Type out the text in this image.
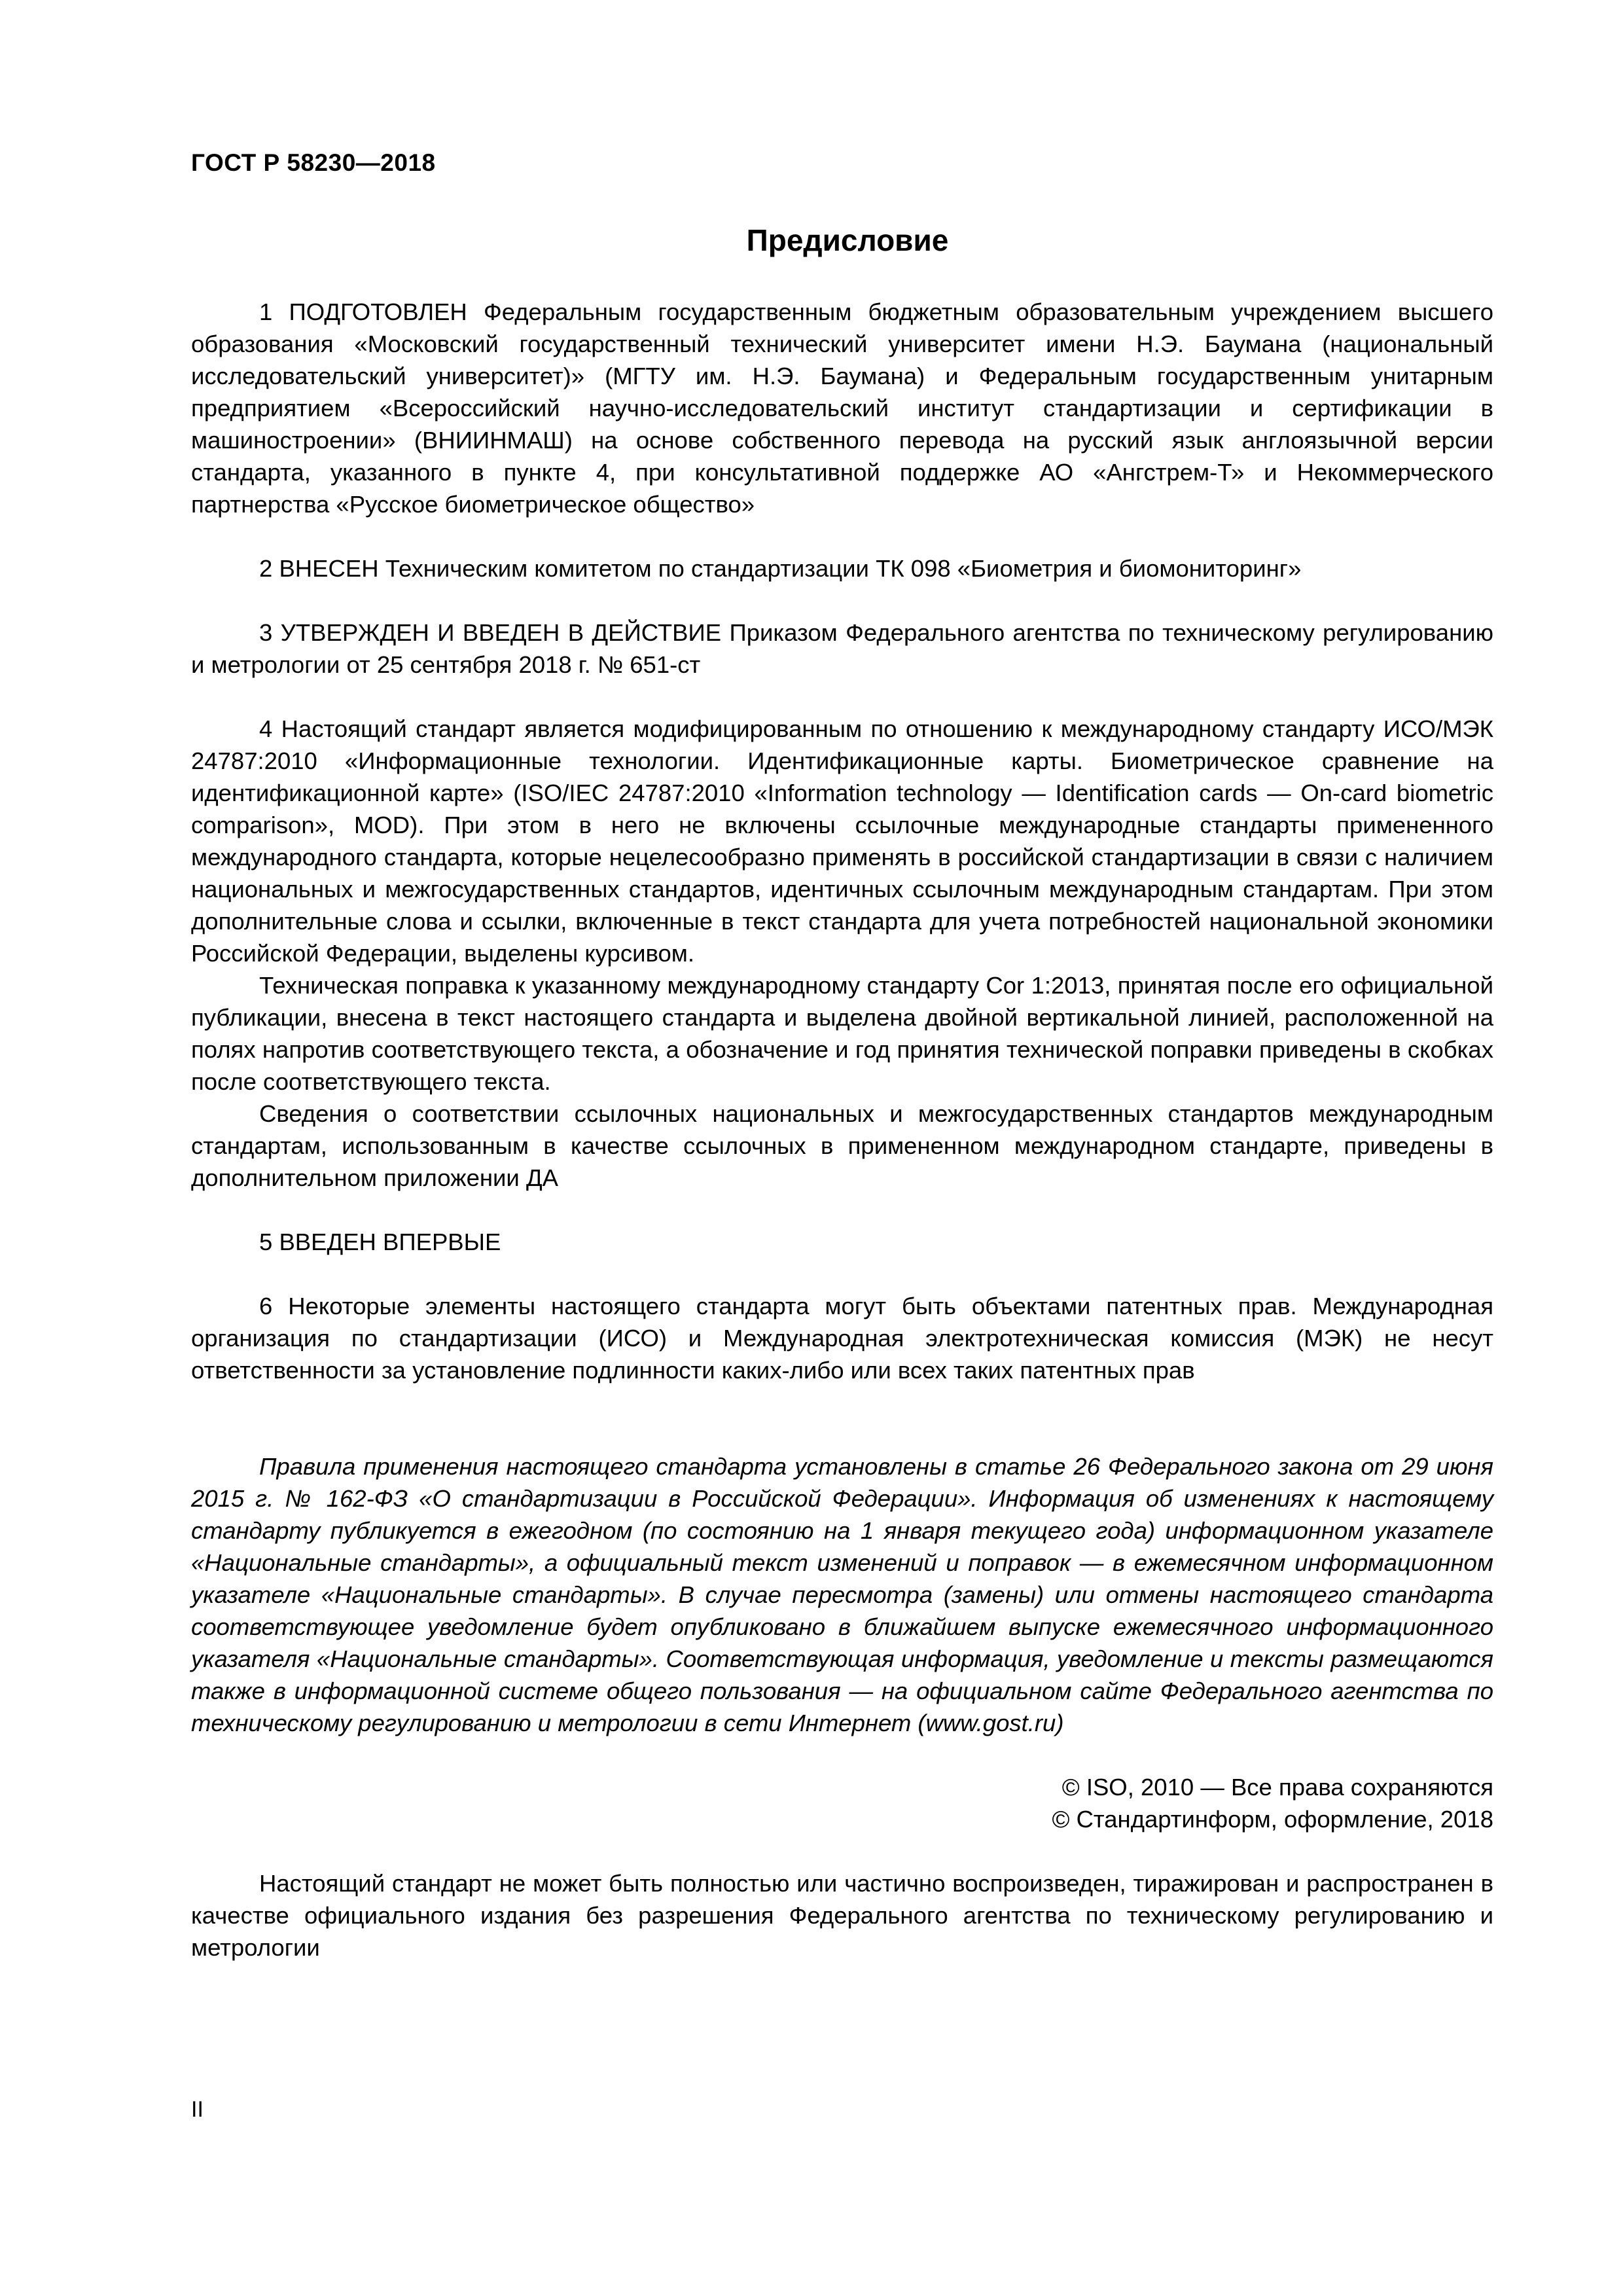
ГОСТ Р 58230—2018
Предисловие

1 ПОДГОТОВЛЕН Федеральным государственным бюджетным образовательным учреждением высшего образования «Московский государственный технический университет имени Н.Э. Баумана (национальный исследовательский университет)» (МГТУ им. Н.Э. Баумана) и Федеральным государственным унитарным предприятием «Всероссийский научно-исследовательский институт стандартизации и сертификации в машиностроении» (ВНИИНМАШ) на основе собственного перевода на русский язык англоязычной версии стандарта, указанного в пункте 4, при консультативной поддержке АО «Ангстрем-Т» и Некоммерческого партнерства «Русское биометрическое общество»

2 ВНЕСЕН Техническим комитетом по стандартизации ТК 098 «Биометрия и биомониторинг»

3 УТВЕРЖДЕН И ВВЕДЕН В ДЕЙСТВИЕ Приказом Федерального агентства по техническому регулированию и метрологии от 25 сентября 2018 г. № 651-ст

4 Настоящий стандарт является модифицированным по отношению к международному стандарту ИСО/МЭК 24787:2010 «Информационные технологии. Идентификационные карты. Биометрическое сравнение на идентификационной карте» (ISO/IEC 24787:2010 «Information technology — Identification cards — On-card biometric comparison», MOD). При этом в него не включены ссылочные международные стандарты примененного международного стандарта, которые нецелесообразно применять в российской стандартизации в связи с наличием национальных и межгосударственных стандартов, идентичных ссылочным международным стандартам. При этом дополнительные слова и ссылки, включенные в текст стандарта для учета потребностей национальной экономики Российской Федерации, выделены курсивом.

Техническая поправка к указанному международному стандарту Cor 1:2013, принятая после его официальной публикации, внесена в текст настоящего стандарта и выделена двойной вертикальной линией, расположенной на полях напротив соответствующего текста, а обозначение и год принятия технической поправки приведены в скобках после соответствующего текста.

Сведения о соответствии ссылочных национальных и межгосударственных стандартов международным стандартам, использованным в качестве ссылочных в примененном международном стандарте, приведены в дополнительном приложении ДА

5 ВВЕДЕН ВПЕРВЫЕ

6 Некоторые элементы настоящего стандарта могут быть объектами патентных прав. Международная организация по стандартизации (ИСО) и Международная электротехническая комиссия (МЭК) не несут ответственности за установление подлинности каких-либо или всех таких патентных прав

Правила применения настоящего стандарта установлены в статье 26 Федерального закона от 29 июня 2015 г. № 162-ФЗ «О стандартизации в Российской Федерации». Информация об изменениях к настоящему стандарту публикуется в ежегодном (по состоянию на 1 января текущего года) информационном указателе «Национальные стандарты», а официальный текст изменений и поправок — в ежемесячном информационном указателе «Национальные стандарты». В случае пересмотра (замены) или отмены настоящего стандарта соответствующее уведомление будет опубликовано в ближайшем выпуске ежемесячного информационного указателя «Национальные стандарты». Соответствующая информация, уведомление и тексты размещаются также в информационной системе общего пользования — на официальном сайте Федерального агентства по техническому регулированию и метрологии в сети Интернет (www.gost.ru)

© ISO, 2010 — Все права сохраняются

© Стандартинформ, оформление, 2018

Настоящий стандарт не может быть полностью или частично воспроизведен, тиражирован и распространен в качестве официального издания без разрешения Федерального агентства по техническому регулированию и метрологии

II
